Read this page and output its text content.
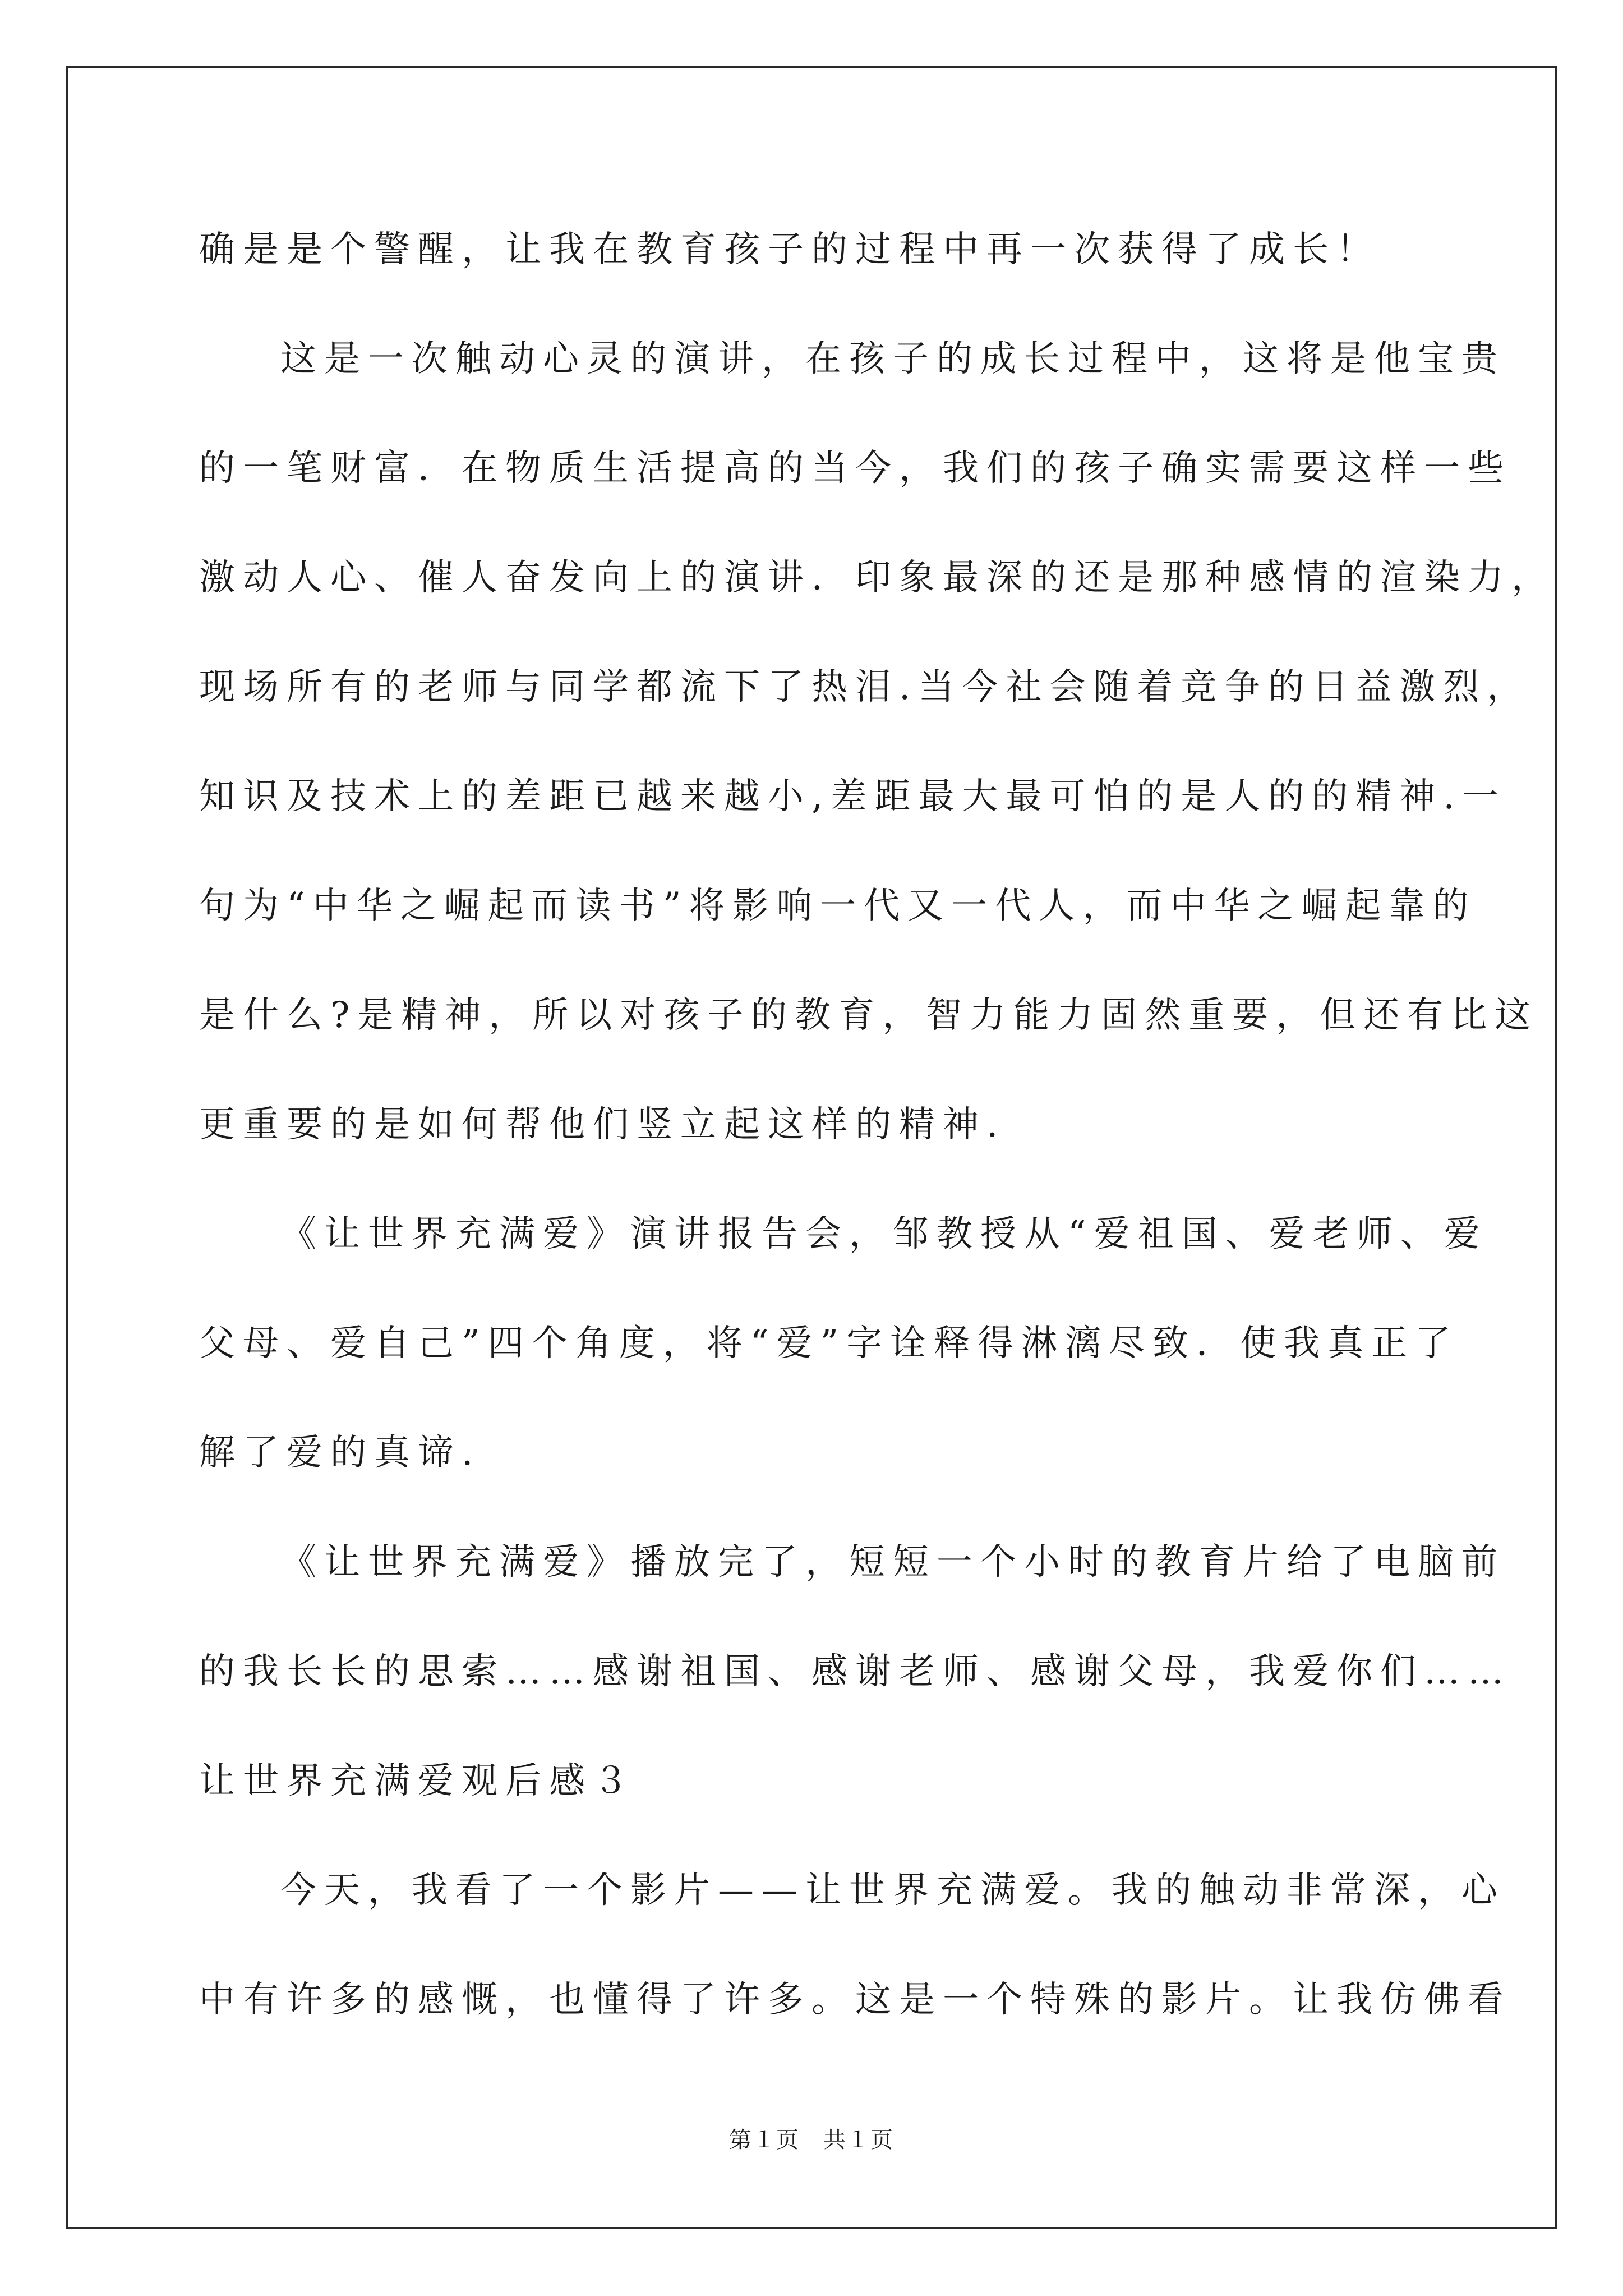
确是是个警醒，让我在教育孩子的过程中再一次获得了成长！
这是一次触动心灵的演讲，在孩子的成长过程中，这将是他宝贵
的一笔财富．在物质生活提高的当今，我们的孩子确实需要这样一些
激动人心、催人奋发向上的演讲．印象最深的还是那种感情的渲染力，
现场所有的老师与同学都流下了热泪.当今社会随着竞争的日益激烈，
知识及技术上的差距已越来越小,差距最大最可怕的是人的的精神.一
句为“中华之崛起而读书”将影响一代又一代人，而中华之崛起靠的
是什么?是精神，所以对孩子的教育，智力能力固然重要，但还有比这
更重要的是如何帮他们竖立起这样的精神.
《让世界充满爱》演讲报告会，邹教授从“爱祖国、爱老师、爱
父母、爱自己”四个角度，将“爱”字诠释得淋漓尽致．使我真正了
解了爱的真谛.
《让世界充满爱》播放完了，短短一个小时的教育片给了电脑前
的我长长的思索……感谢祖国、感谢老师、感谢父母，我爱你们……
让世界充满爱观后感３
今天，我看了一个影片——让世界充满爱。我的触动非常深，心
中有许多的感慨，也懂得了许多。这是一个特殊的影片。让我仿佛看
第１页　共１页
